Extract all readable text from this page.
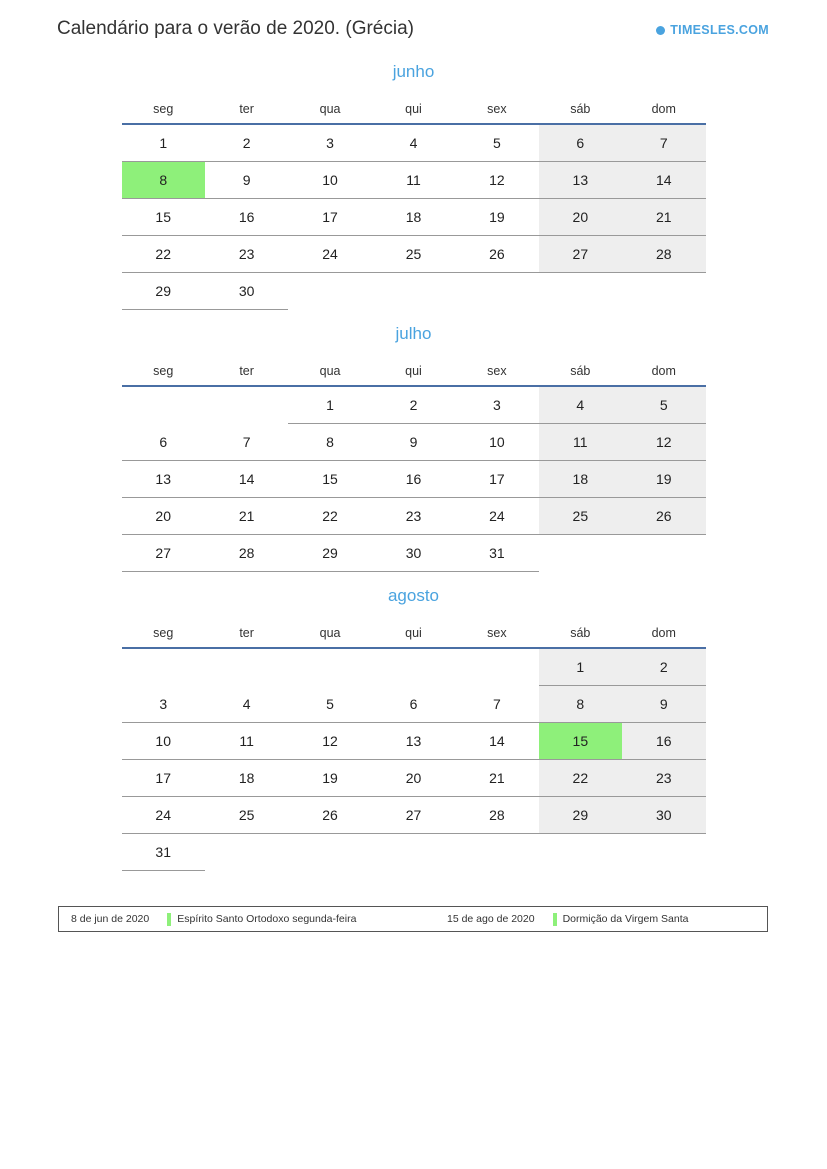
Calendário para o verão de 2020. (Grécia)	TIMESLES.COM
junho
seg	ter	qua	qui	sex	sáb	dom
1	2	3	4	5	6	7
8	9	10	11	12	13	14
15	16	17	18	19	20	21
22	23	24	25	26	27	28
29	30					
julho
seg	ter	qua	qui	sex	sáb	dom
		1	2	3	4	5
6	7	8	9	10	11	12
13	14	15	16	17	18	19
20	21	22	23	24	25	26
27	28	29	30	31		
agosto
seg	ter	qua	qui	sex	sáb	dom
					1	2
3	4	5	6	7	8	9
10	11	12	13	14	15	16
17	18	19	20	21	22	23
24	25	26	27	28	29	30
31						
8 de jun de 2020	Espírito Santo Ortodoxo segunda-feira	15 de ago de 2020	Dormição da Virgem Santa
